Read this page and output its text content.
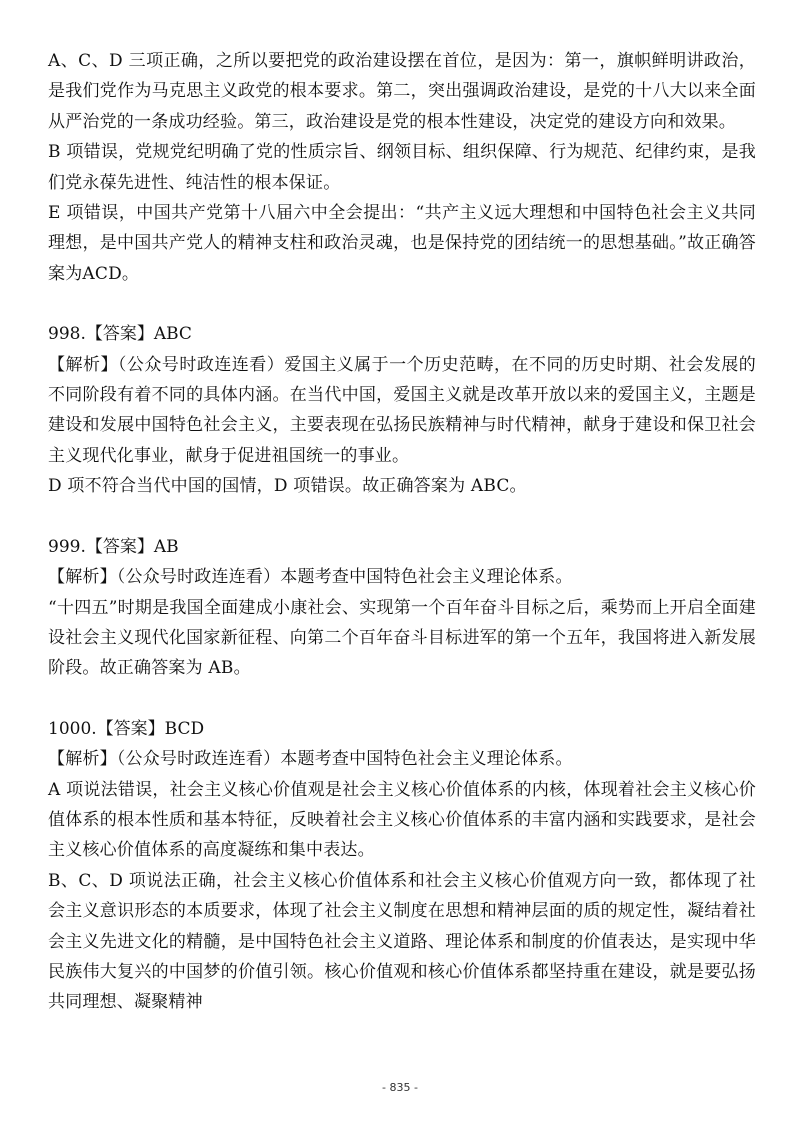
A、C、D 三项正确，之所以要把党的政治建设摆在首位，是因为：第一，旗帜鲜明讲政治，是我们党作为马克思主义政党的根本要求。第二，突出强调政治建设，是党的十八大以来全面从严治党的一条成功经验。第三，政治建设是党的根本性建设，决定党的建设方向和效果。

B 项错误，党规党纪明确了党的性质宗旨、纲领目标、组织保障、行为规范、纪律约束，是我们党永葆先进性、纯洁性的根本保证。

E 项错误，中国共产党第十八届六中全会提出：“共产主义远大理想和中国特色社会主义共同理想，是中国共产党人的精神支柱和政治灵魂，也是保持党的团结统一的思想基础。”故正确答案为ACD。

998.【答案】ABC

【解析】（公众号时政连连看）爱国主义属于一个历史范畴，在不同的历史时期、社会发展的不同阶段有着不同的具体内涵。在当代中国，爱国主义就是改革开放以来的爱国主义，主题是建设和发展中国特色社会主义，主要表现在弘扬民族精神与时代精神，献身于建设和保卫社会主义现代化事业，献身于促进祖国统一的事业。

D 项不符合当代中国的国情，D 项错误。故正确答案为 ABC。

999.【答案】AB

【解析】（公众号时政连连看）本题考查中国特色社会主义理论体系。

“十四五”时期是我国全面建成小康社会、实现第一个百年奋斗目标之后，乘势而上开启全面建设社会主义现代化国家新征程、向第二个百年奋斗目标进军的第一个五年，我国将进入新发展阶段。故正确答案为 AB。

1000.【答案】BCD

【解析】（公众号时政连连看）本题考查中国特色社会主义理论体系。

A 项说法错误，社会主义核心价值观是社会主义核心价值体系的内核，体现着社会主义核心价值体系的根本性质和基本特征，反映着社会主义核心价值体系的丰富内涵和实践要求，是社会主义核心价值体系的高度凝练和集中表达。

B、C、D 项说法正确，社会主义核心价值体系和社会主义核心价值观方向一致，都体现了社会主义意识形态的本质要求，体现了社会主义制度在思想和精神层面的质的规定性，凝结着社会主义先进文化的精髓，是中国特色社会主义道路、理论体系和制度的价值表达，是实现中华民族伟大复兴的中国梦的价值引领。核心价值观和核心价值体系都坚持重在建设，就是要弘扬共同理想、凝聚精神

- 835 -
